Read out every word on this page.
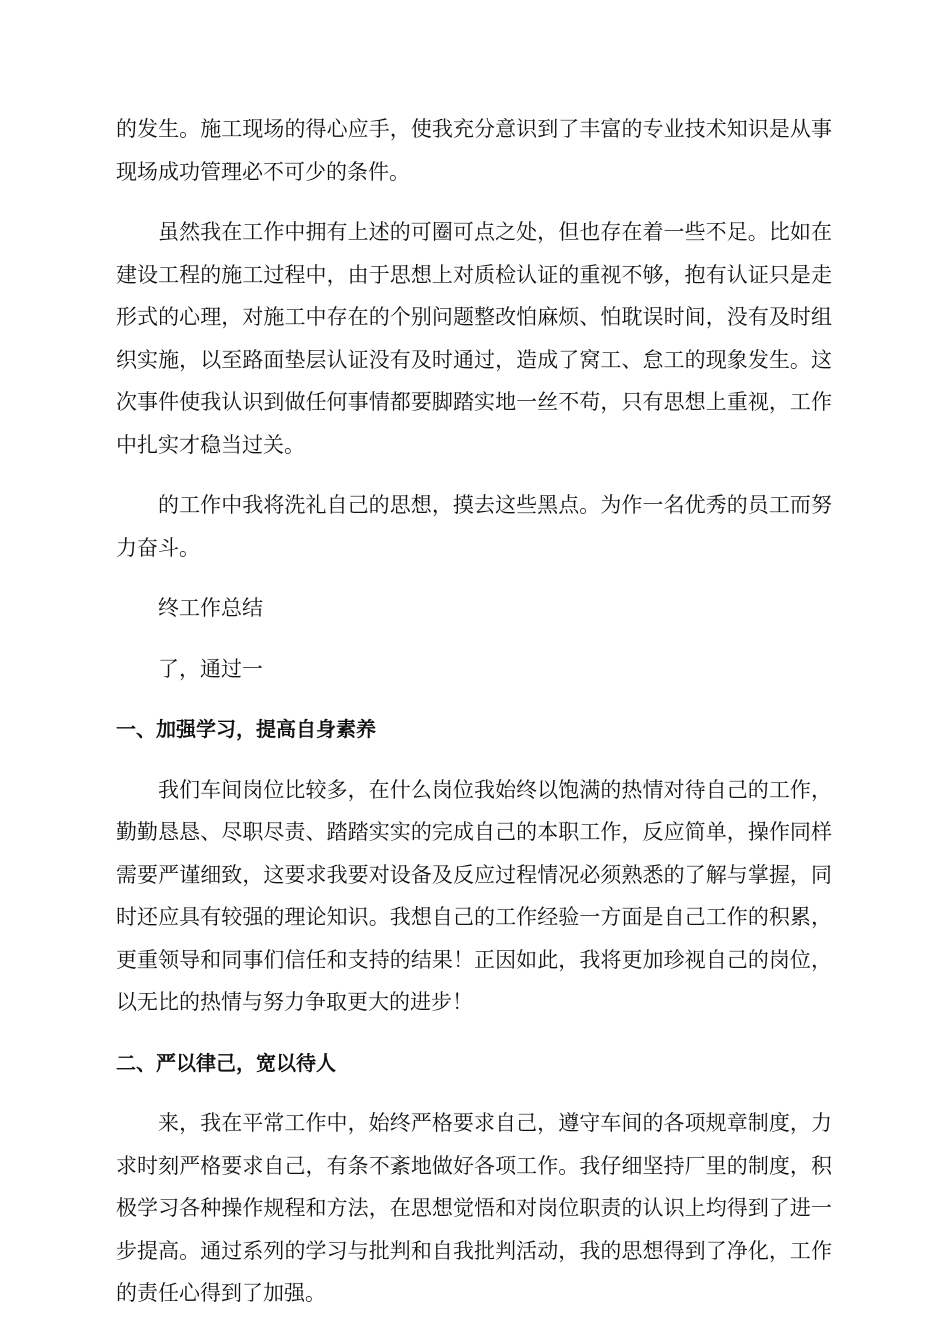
的发生。施工现场的得心应手，使我充分意识到了丰富的专业技术知识是从事现场成功管理必不可少的条件。

虽然我在工作中拥有上述的可圈可点之处，但也存在着一些不足。比如在建设工程的施工过程中，由于思想上对质检认证的重视不够，抱有认证只是走形式的心理，对施工中存在的个别问题整改怕麻烦、怕耽误时间，没有及时组织实施，以至路面垫层认证没有及时通过，造成了窝工、怠工的现象发生。这次事件使我认识到做任何事情都要脚踏实地一丝不苟，只有思想上重视，工作中扎实才稳当过关。

的工作中我将洗礼自己的思想，摸去这些黑点。为作一名优秀的员工而努力奋斗。

终工作总结

了，通过一

一、加强学习，提高自身素养

我们车间岗位比较多，在什么岗位我始终以饱满的热情对待自己的工作，勤勤恳恳、尽职尽责、踏踏实实的完成自己的本职工作，反应简单，操作同样需要严谨细致，这要求我要对设备及反应过程情况必须熟悉的了解与掌握，同时还应具有较强的理论知识。我想自己的工作经验一方面是自己工作的积累，更重领导和同事们信任和支持的结果！正因如此，我将更加珍视自己的岗位，以无比的热情与努力争取更大的进步！

二、严以律己，宽以待人

来，我在平常工作中，始终严格要求自己，遵守车间的各项规章制度，力求时刻严格要求自己，有条不紊地做好各项工作。我仔细坚持厂里的制度，积极学习各种操作规程和方法，在思想觉悟和对岗位职责的认识上均得到了进一步提高。通过系列的学习与批判和自我批判活动，我的思想得到了净化，工作的责任心得到了加强。
